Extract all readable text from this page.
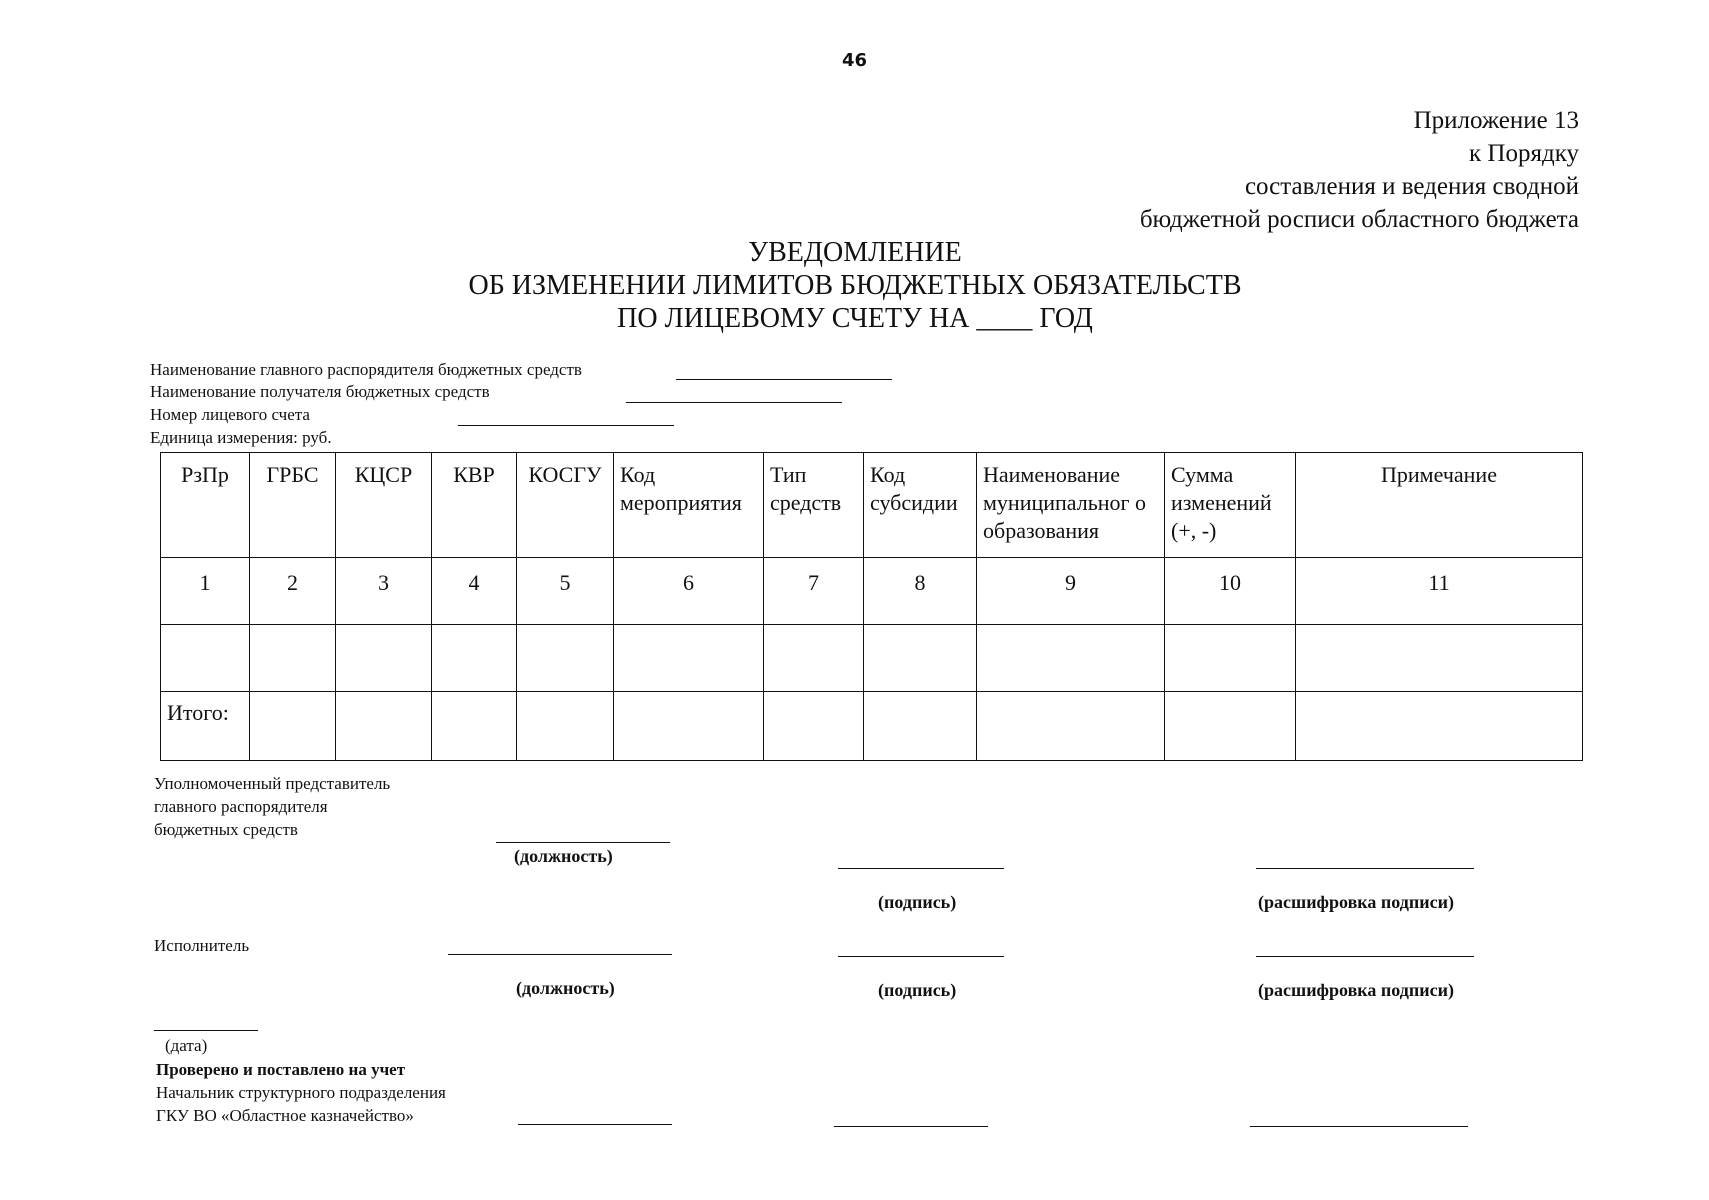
46
Приложение 13
к Порядку
составления и ведения сводной
бюджетной росписи областного бюджета
УВЕДОМЛЕНИЕ
ОБ ИЗМЕНЕНИИ ЛИМИТОВ БЮДЖЕТНЫХ ОБЯЗАТЕЛЬСТВ
ПО ЛИЦЕВОМУ СЧЕТУ НА ____ ГОД
Наименование главного распорядителя бюджетных средств
Наименование получателя бюджетных средств
Номер лицевого счета
Единица измерения: руб.
РзПр	ГРБС	КЦСР	КВР	КОСГУ	Код мероприятия	Тип средств	Код субсидии	Наименование муниципальног о образования	Сумма изменений (+, -)	Примечание

1	2	3	4	5	6	7	8	9	10	11

Итого:										

Уполномоченный представитель
главного распорядителя
бюджетных средств
(должность)
(подпись)	(расшифровка подписи)
Исполнитель
(должность)	(подпись)	(расшифровка подписи)
(дата)
Проверено и поставлено на учет
Начальник структурного подразделения
ГКУ ВО «Областное казначейство»
